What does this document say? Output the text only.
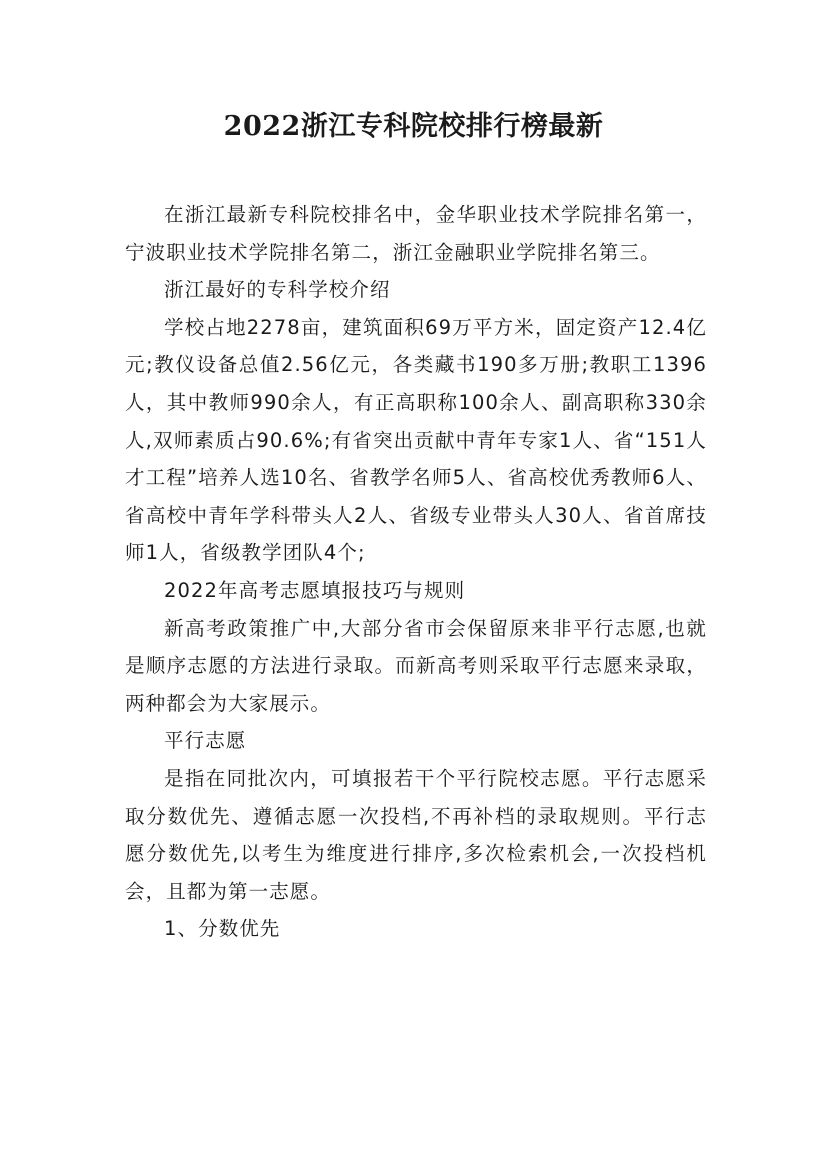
2022浙江专科院校排行榜最新

在浙江最新专科院校排名中，金华职业技术学院排名第一，宁波职业技术学院排名第二，浙江金融职业学院排名第三。

浙江最好的专科学校介绍

学校占地2278亩，建筑面积69万平方米，固定资产12.4亿元;教仪设备总值2.56亿元，各类藏书190多万册;教职工1396人，其中教师990余人，有正高职称100余人、副高职称330余人,双师素质占90.6%;有省突出贡献中青年专家1人、省“151人才工程”培养人选10名、省教学名师5人、省高校优秀教师6人、省高校中青年学科带头人2人、省级专业带头人30人、省首席技师1人，省级教学团队4个;

2022年高考志愿填报技巧与规则

新高考政策推广中,大部分省市会保留原来非平行志愿,也就是顺序志愿的方法进行录取。而新高考则采取平行志愿来录取，两种都会为大家展示。

平行志愿

是指在同批次内，可填报若干个平行院校志愿。平行志愿采取分数优先、遵循志愿一次投档,不再补档的录取规则。平行志愿分数优先,以考生为维度进行排序,多次检索机会,一次投档机会，且都为第一志愿。

1、分数优先
